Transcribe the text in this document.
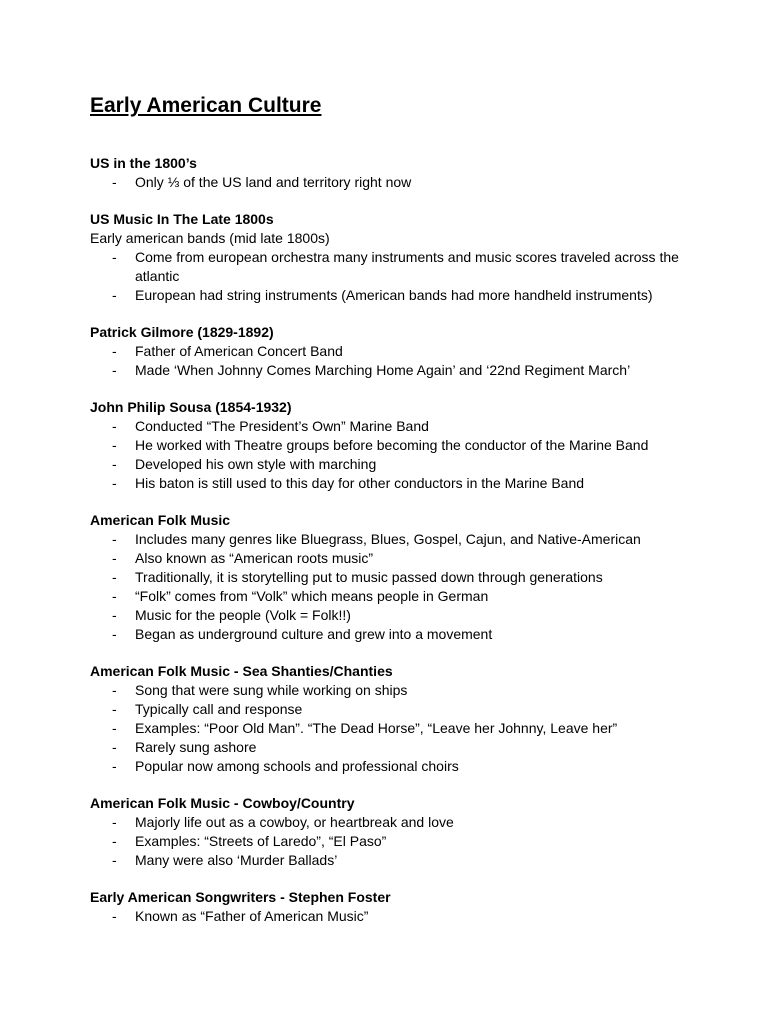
Early American Culture
US in the 1800’s
- Only ⅓ of the US land and territory right now
US Music In The Late 1800s
Early american bands (mid late 1800s)
- Come from european orchestra many instruments and music scores traveled across the atlantic
- European had string instruments (American bands had more handheld instruments)
Patrick Gilmore (1829-1892)
- Father of American Concert Band
- Made ‘When Johnny Comes Marching Home Again’ and ‘22nd Regiment March’
John Philip Sousa (1854-1932)
- Conducted “The President’s Own” Marine Band
- He worked with Theatre groups before becoming the conductor of the Marine Band
- Developed his own style with marching
- His baton is still used to this day for other conductors in the Marine Band
American Folk Music
- Includes many genres like Bluegrass, Blues, Gospel, Cajun, and Native-American
- Also known as “American roots music”
- Traditionally, it is storytelling put to music passed down through generations
- “Folk” comes from “Volk” which means people in German
- Music for the people (Volk = Folk!!)
- Began as underground culture and grew into a movement
American Folk Music - Sea Shanties/Chanties
- Song that were sung while working on ships
- Typically call and response
- Examples: “Poor Old Man”. “The Dead Horse”, “Leave her Johnny, Leave her”
- Rarely sung ashore
- Popular now among schools and professional choirs
American Folk Music - Cowboy/Country
- Majorly life out as a cowboy, or heartbreak and love
- Examples: “Streets of Laredo”, “El Paso”
- Many were also ‘Murder Ballads’
Early American Songwriters - Stephen Foster
- Known as “Father of American Music”
